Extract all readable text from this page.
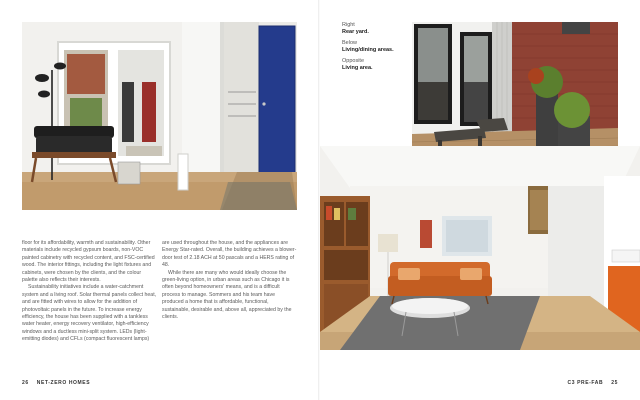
floor for its affordability, warmth and sustainability. Other materials include recycled gypsum boards, non-VOC painted cabinetry with recycled content, and FSC-certified wood. The interior fittings, including the light fixtures and cabinets, were chosen by the clients, and the colour palette also reflects their interests.
Sustainability initiatives include a water-catchment system and a living roof. Solar thermal panels collect heat, and are fitted with wires to allow for the addition of photovoltaic panels in the future. To increase energy efficiency, the house has been supplied with a tankless water heater, energy recovery ventilator, high-efficiency windows and a ductless mini-split system. LEDs (light-emitting diodes) and CFLs (compact fluorescent lamps)

are used throughout the house, and the appliances are Energy Star-rated. Overall, the building achieves a blower-door test of 2.18 ACH at 50 pascals and a HERS rating of 48.
While there are many who would ideally choose the green-living option, in urban areas such as Chicago it is often beyond homeowners' means, and is a difficult process to manage. Sommers and his team have produced a home that is affordable, functional, sustainable, desirable and, above all, appreciated by the clients.

26 NET-ZERO HOMES
Right
Rear yard.
Below
Living/dining areas.
Opposite
Living area.
C3 PRE-FAB 25
